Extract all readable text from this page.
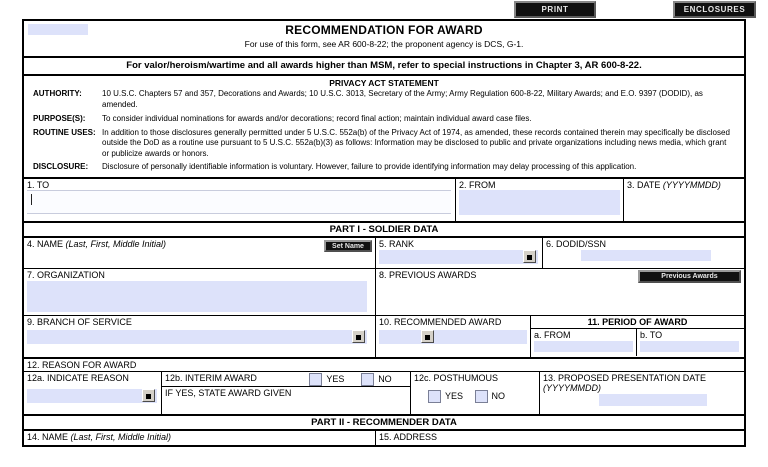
PRINT	ENCLOSURES
RECOMMENDATION FOR AWARD
For use of this form, see AR 600-8-22; the proponent agency is DCS, G-1.
For valor/heroism/wartime and all awards higher than MSM, refer to special instructions in Chapter 3, AR 600-8-22.
PRIVACY ACT STATEMENT
AUTHORITY:	10 U.S.C. Chapters 57 and 357, Decorations and Awards; 10 U.S.C. 3013, Secretary of the Army; Army Regulation 600-8-22, Military Awards; and E.O. 9397 (DODID), as amended.
PURPOSE(S):	To consider individual nominations for awards and/or decorations; record final action; maintain individual award case files.
ROUTINE USES: In addition to those disclosures generally permitted under 5 U.S.C. 552a(b) of the Privacy Act of 1974, as amended, these records contained therein may specifically be disclosed outside the DoD as a routine use pursuant to 5 U.S.C. 552a(b)(3) as follows: Information may be disclosed to public and private organizations including news media, which grant or publicize awards or honors.
DISCLOSURE:	Disclosure of personally identifiable information is voluntary. However, failure to provide identifying information may delay processing of this application.
1. TO	2. FROM	3. DATE (YYYYMMDD)
PART I - SOLDIER DATA
4. NAME (Last, First, Middle Initial)	Set Name	5. RANK	6. DODID/SSN
7. ORGANIZATION	8. PREVIOUS AWARDS	Previous Awards
9. BRANCH OF SERVICE	10. RECOMMENDED AWARD	11. PERIOD OF AWARD
a. FROM	b. TO
12. REASON FOR AWARD
12a. INDICATE REASON	12b. INTERIM AWARD	YES	NO
IF YES, STATE AWARD GIVEN
12c. POSTHUMOUS
YES
	NO
13. PROPOSED PRESENTATION DATE
(YYYYMMDD)
PART II - RECOMMENDER DATA
14. NAME (Last, First, Middle Initial)	15. ADDRESS
